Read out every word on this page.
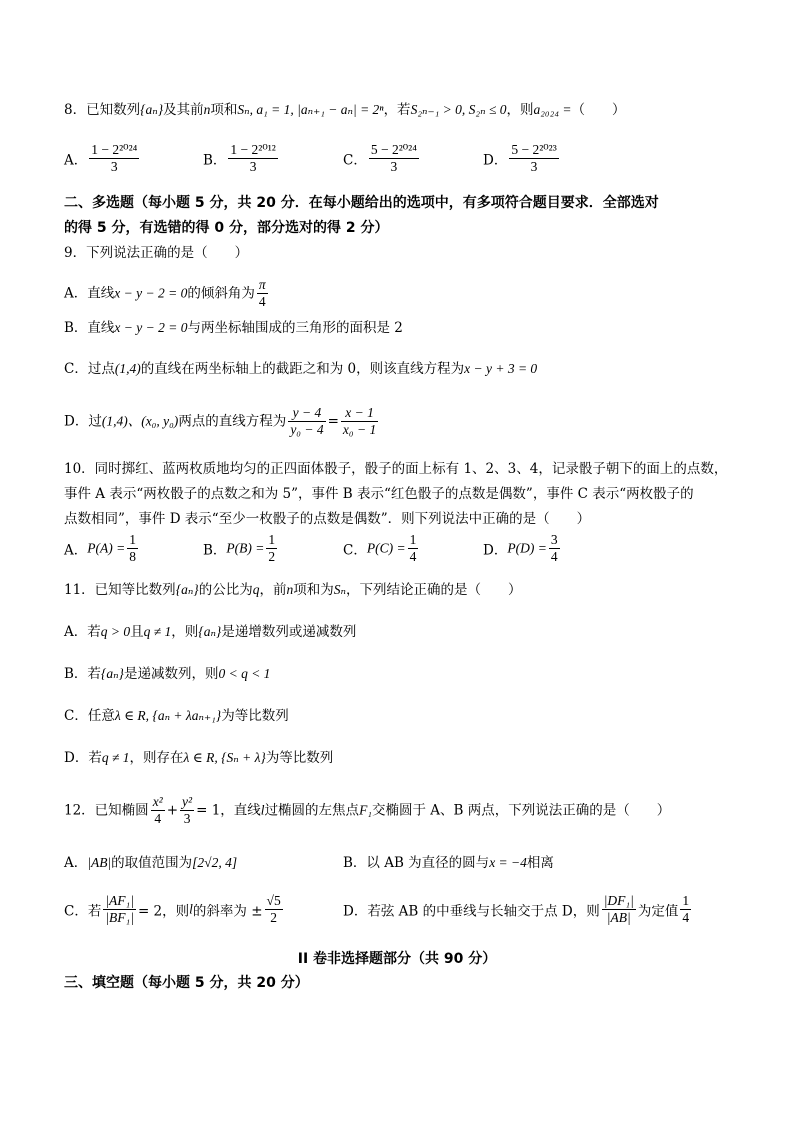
8．已知数列{aₙ}及其前n项和Sₙ, a₁ = 1, |aₙ₊₁ − aₙ| = 2ⁿ，若S₂ₙ₋₁ > 0, S₂ₙ ≤ 0，则a₂₀₂₄ =（　　）
A． $\frac{\text{1 − 2²⁰²⁴}}{3}$	B． $\frac{\text{1 − 2²⁰¹²}}{3}$	C． $\frac{\text{5 − 2²⁰²⁴}}{3}$	D． $\frac{\text{5 − 2²⁰²³}}{3}$
二、多选题（每小题 5 分，共 20 分．在每小题给出的选项中，有多项符合题目要求．全部选对
的得 5 分，有选错的得 0 分，部分选对的得 2 分）
9．下列说法正确的是（　　）
A．直线x − y − 2 = 0的倾斜角为 $\frac{\pi}{4}$
B．直线x − y − 2 = 0与两坐标轴围成的三角形的面积是 2
C．过点(1,4)的直线在两坐标轴上的截距之和为 0，则该直线方程为x − y + 3 = 0
D．过(1,4)、(x₀, y₀)两点的直线方程为 $\frac{y - 4}{\text{y₀ − 4}} = \frac{x - 1}{\text{x₀ − 1}}$
10．同时掷红、蓝两枚质地均匀的正四面体骰子，骰子的面上标有 1、2、3、4，记录骰子朝下的面上的点数，
事件 A 表示“两枚骰子的点数之和为 5”，事件 B 表示“红色骰子的点数是偶数”，事件 C 表示“两枚骰子的
点数相同”，事件 D 表示“至少一枚骰子的点数是偶数”．则下列说法中正确的是（　　）
A．$P(A) = \frac{1}{8}$	B．$P(B) = \frac{1}{2}$	C．$P(C) = \frac{1}{4}$	D．$P(D) = \frac{3}{4}$
11．已知等比数列{aₙ}的公比为q，前n项和为Sₙ，下列结论正确的是（　　）
A．若q > 0且q ≠ 1，则{aₙ}是递增数列或递减数列
B．若{aₙ}是递减数列，则0 < q < 1
C．任意λ ∈ R, {aₙ + λaₙ₊₁}为等比数列
D．若q ≠ 1，则存在λ ∈ R, {Sₙ + λ}为等比数列
12．已知椭圆 $\frac{\text{x²}}{4} + \frac{\text{y²}}{3} = 1$，直线l过椭圆的左焦点F₁交椭圆于 A、B 两点，下列说法正确的是（　　）
A．|AB|的取值范围为[2√2, 4]	B．以 AB 为直径的圆与x = −4相离
C．若 $\frac{\text{|AF₁|}}{\text{|BF₁|}} = 2$，则l的斜率为 ± $\frac{√5}{2}$	D．若弦 AB 的中垂线与长轴交于点 D，则 $\frac{\text{|DF₁|}}{|AB|}$ 为定值 $\frac{1}{4}$
II 卷非选择题部分（共 90 分）
三、填空题（每小题 5 分，共 20 分）
